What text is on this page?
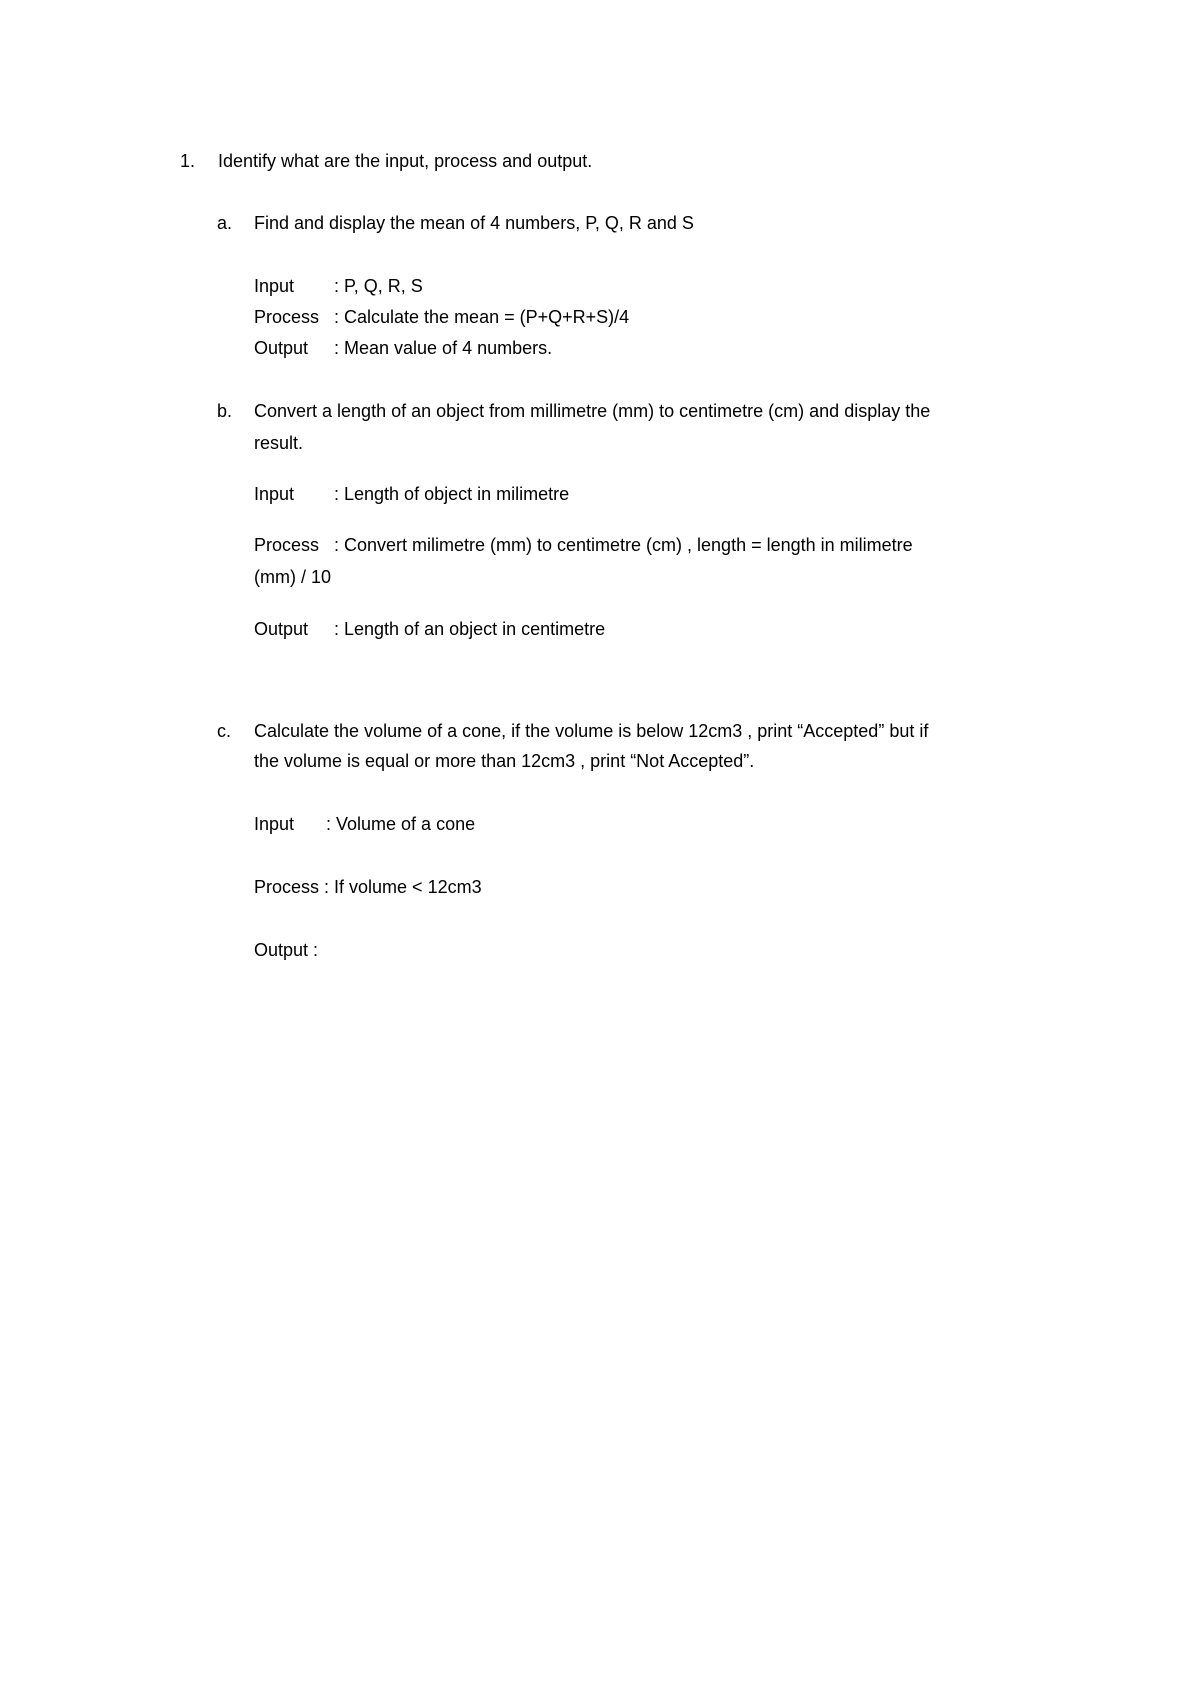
1. Identify what are the input, process and output.
a. Find and display the mean of 4 numbers, P, Q, R and S
Input : P, Q, R, S
Process : Calculate the mean = (P+Q+R+S)/4
Output : Mean value of 4 numbers.
b. Convert a length of an object from millimetre (mm) to centimetre (cm) and display the
result.
Input : Length of object in milimetre
Process : Convert milimetre (mm) to centimetre (cm) , length = length in milimetre
(mm) / 10
Output : Length of an object in centimetre
c. Calculate the volume of a cone, if the volume is below 12cm3 , print “Accepted” but if
the volume is equal or more than 12cm3 , print “Not Accepted”.
Input : Volume of a cone
Process : If volume < 12cm3
Output :
